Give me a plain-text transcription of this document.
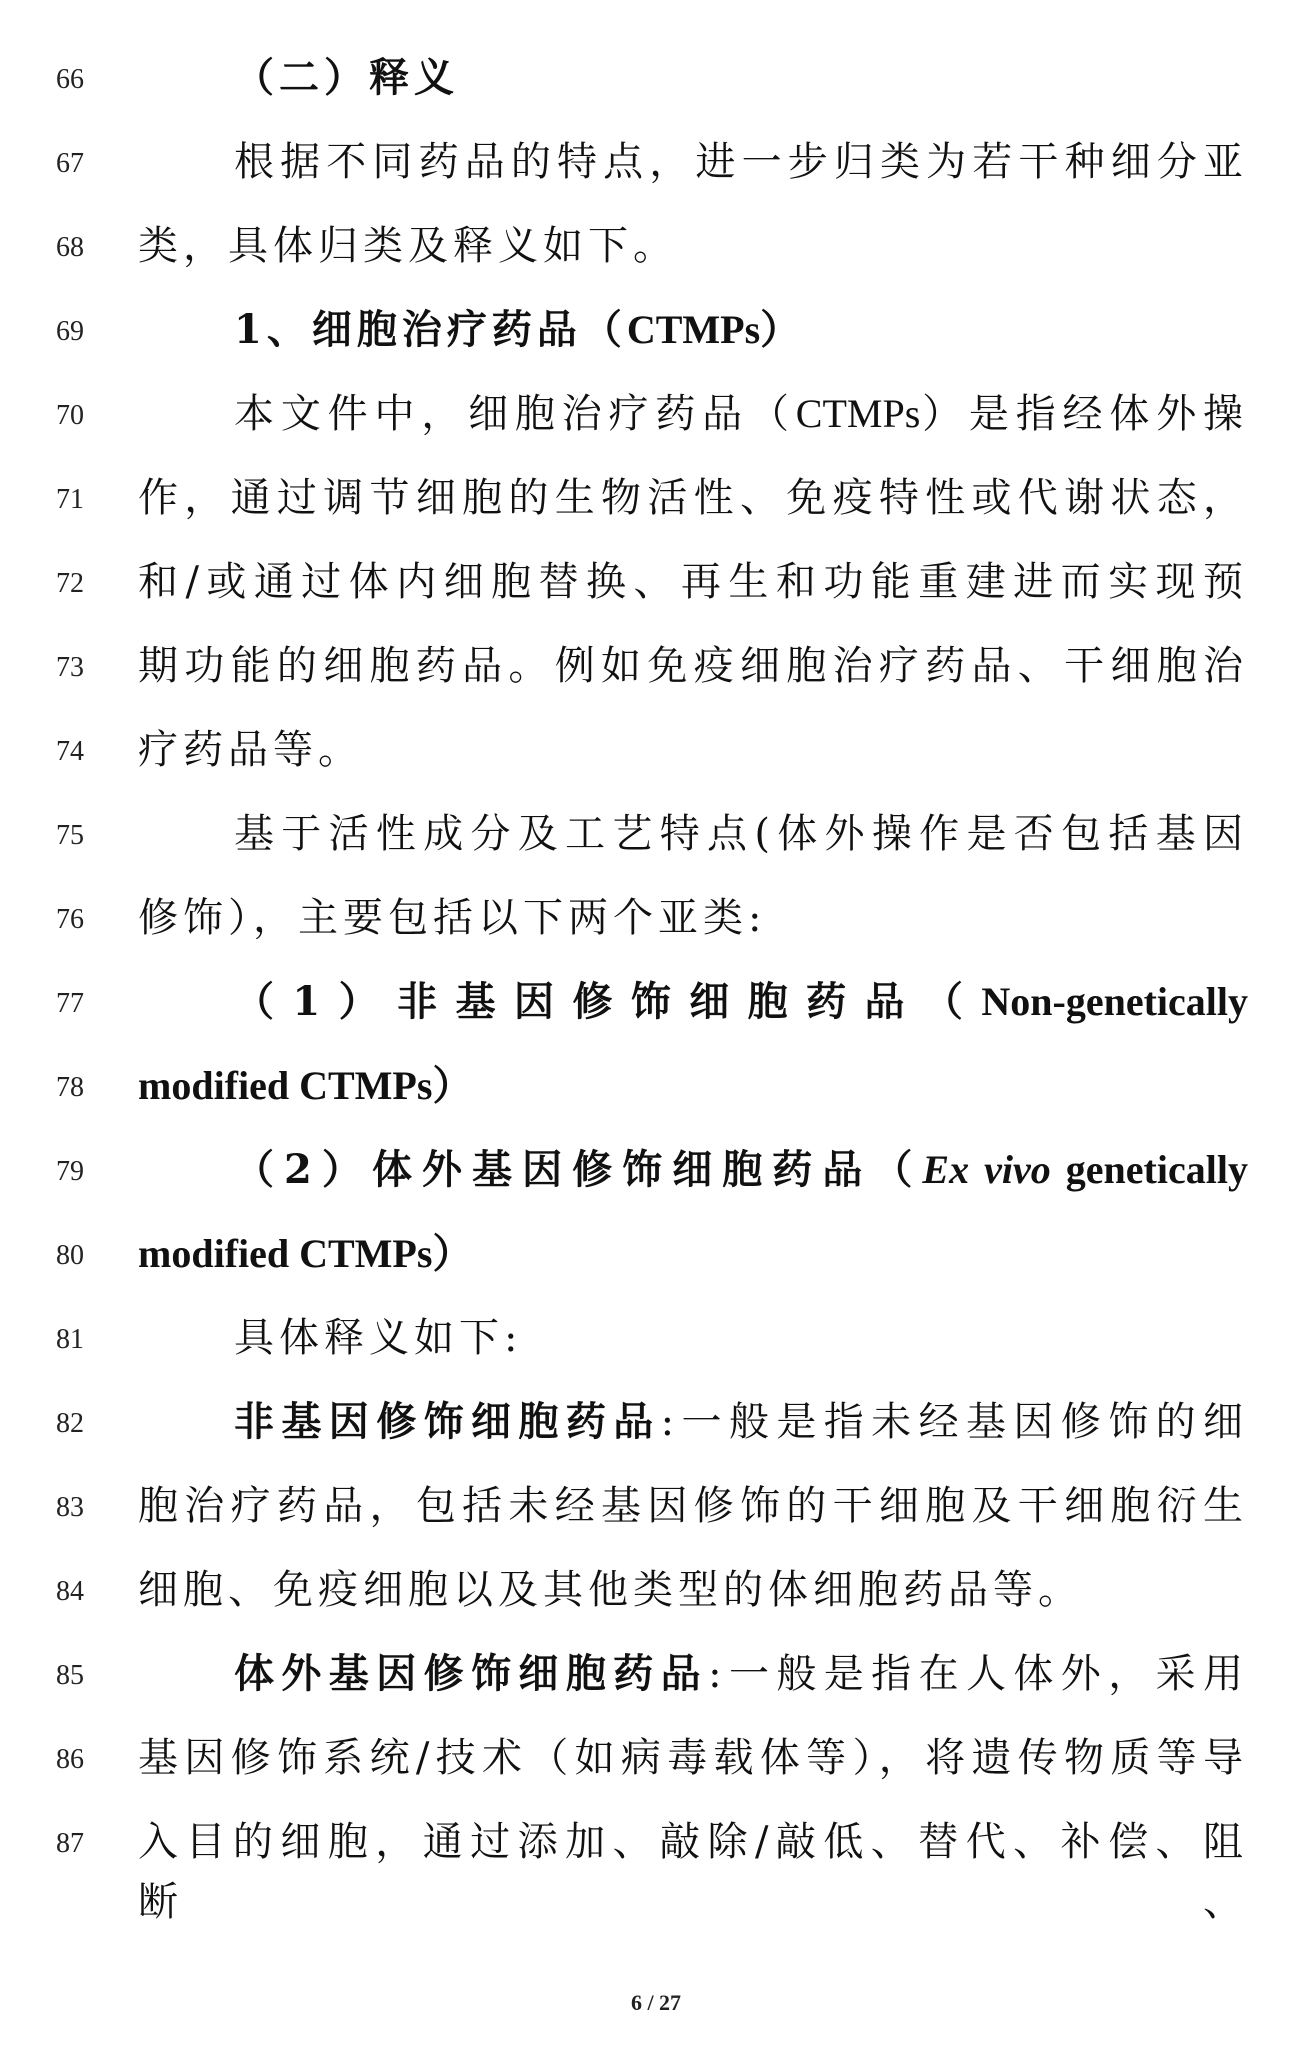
66	（二）释义
67	根据不同药品的特点，进一步归类为若干种细分亚
68	类，具体归类及释义如下。
69	1、细胞治疗药品（CTMPs）
70	本文件中，细胞治疗药品（CTMPs）是指经体外操
71	作，通过调节细胞的生物活性、免疫特性或代谢状态，
72	和/或通过体内细胞替换、再生和功能重建进而实现预
73	期功能的细胞药品。例如免疫细胞治疗药品、干细胞治
74	疗药品等。
75	基于活性成分及工艺特点(体外操作是否包括基因
76	修饰），主要包括以下两个亚类:
77	（1）非基因修饰细胞药品（Non-genetically
78	modified CTMPs）
79	（2）体外基因修饰细胞药品（Ex vivo genetically
80	modified CTMPs）
81	具体释义如下:
82	非基因修饰细胞药品:一般是指未经基因修饰的细
83	胞治疗药品，包括未经基因修饰的干细胞及干细胞衍生
84	细胞、免疫细胞以及其他类型的体细胞药品等。
85	体外基因修饰细胞药品:一般是指在人体外，采用
86	基因修饰系统/技术（如病毒载体等），将遗传物质等导
87	入目的细胞，通过添加、敲除/敲低、替代、补偿、阻断、
6 / 27
